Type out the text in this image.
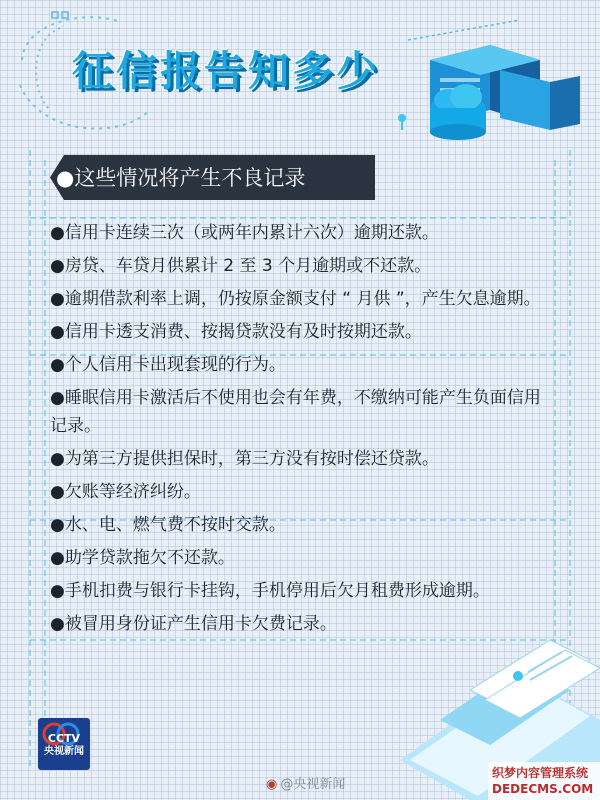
征信报告知多少
●这些情况将产生不良记录
●信用卡连续三次（或两年内累计六次）逾期还款。
●房贷、车贷月供累计 2 至 3 个月逾期或不还款。
●逾期借款利率上调，仍按原金额支付 “ 月供 ”，产生欠息逾期。
●信用卡透支消费、按揭贷款没有及时按期还款。
●个人信用卡出现套现的行为。
●睡眠信用卡激活后不使用也会有年费，不缴纳可能产生负面信用记录。
●为第三方提供担保时，第三方没有按时偿还贷款。
●欠账等经济纠纷。
●水、电、燃气费不按时交款。
●助学贷款拖欠不还款。
●手机扣费与银行卡挂钩，手机停用后欠月租费形成逾期。
●被冒用身份证产生信用卡欠费记录。
CCTV
央视新闻
◉ @央视新闻
织梦内容管理系统
DEDECMS.COM
